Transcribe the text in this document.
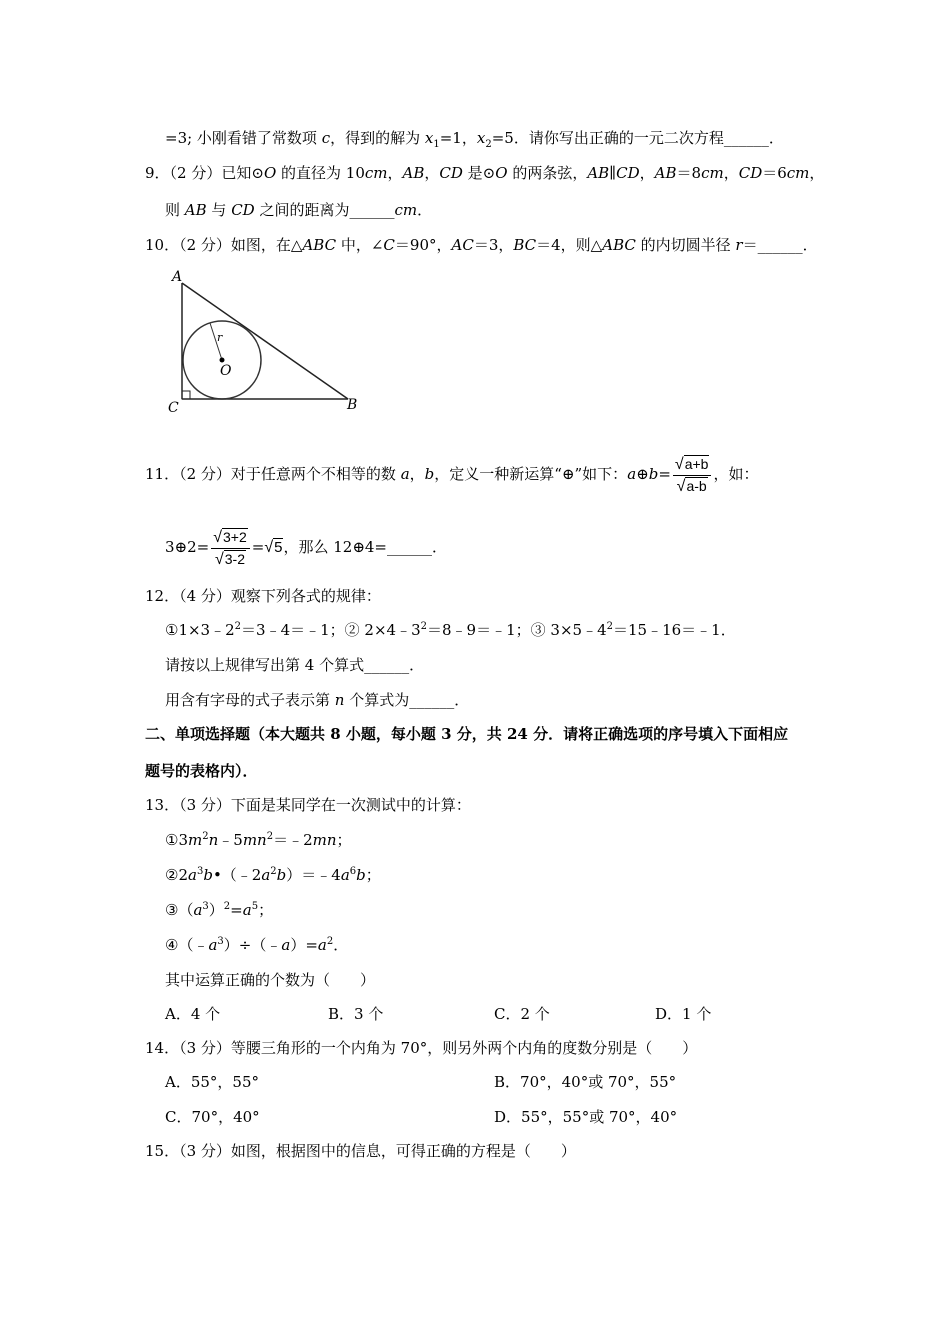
=3; 小刚看错了常数项 c，得到的解为 $x_1=1$，$x_2=5$．请你写出正确的一元二次方程______．
9．（2 分）已知⊙O 的直径为 10cm，AB，CD 是⊙O 的两条弦，AB∥CD，AB＝8cm，CD＝6cm，
则 AB 与 CD 之间的距离为______cm．
10．（2 分）如图，在△ABC 中，∠C＝90°，AC＝3，BC＝4，则△ABC 的内切圆半径 r＝______．
A
C	B
O
r
11．（2 分）对于任意两个不相等的数 a，b，定义一种新运算“⊕”如下：a⊕b= $\frac{√a+b}{√a-b}$ ，如：
3⊕2= $\frac{√3+2}{√3-2} =√5$，那么 12⊕4=______．
12．（4 分）观察下列各式的规律：
$①1\times 3﹣2^2=3﹣4=﹣1$；② $2\times 4﹣3^2=8﹣9=﹣1$；③ $3\times 5﹣4^2=15﹣16=﹣1$．
请按以上规律写出第 4 个算式______．
用含有字母的式子表示第 n 个算式为______．
二、单项选择题（本大题共 8 小题，每小题 3 分，共 24 分．请将正确选项的序号填入下面相应
题号的表格内）．
13．（3 分）下面是某同学在一次测试中的计算：
$①3m^2n﹣5mn^2=﹣2mn$；
$②2a^3b•(﹣2a^2b)=﹣4a^6b$；
$③(a^3)^2=a^5$；
$④(﹣a^3)\div(﹣a)=a^2$．
其中运算正确的个数为（　　）
A．4 个	B．3 个	C．2 个	D．1 个
14．（3 分）等腰三角形的一个内角为 70°，则另外两个内角的度数分别是（　　）
A．55°，55°	B．70°，40°或 70°，55°
C．70°，40°	D．55°，55°或 70°，40°
15．（3 分）如图，根据图中的信息，可得正确的方程是（　　）
